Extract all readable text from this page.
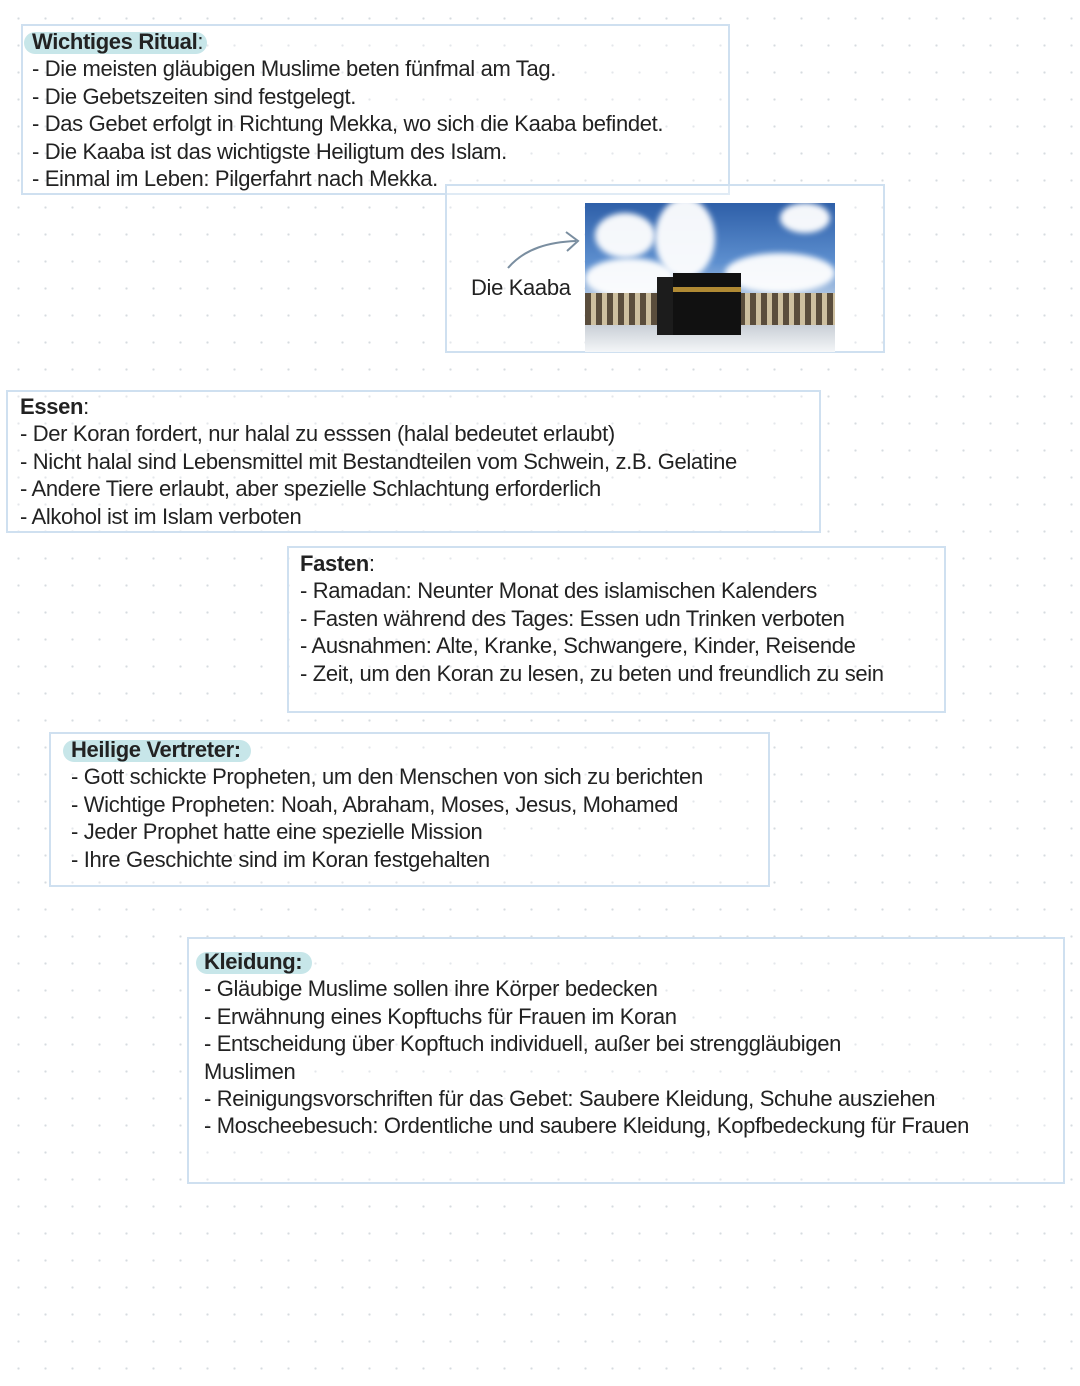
Wichtiges Ritual:
- Die meisten gläubigen Muslime beten fünfmal am Tag.
- Die Gebetszeiten sind festgelegt.
- Das Gebet erfolgt in Richtung Mekka, wo sich die Kaaba befindet.
- Die Kaaba ist das wichtigste Heiligtum des Islam.
- Einmal im Leben: Pilgerfahrt nach Mekka.
Die Kaaba
Essen:
- Der Koran fordert, nur halal zu esssen (halal bedeutet erlaubt)
- Nicht halal sind Lebensmittel mit Bestandteilen vom Schwein, z.B. Gelatine
- Andere Tiere erlaubt, aber spezielle Schlachtung erforderlich
- Alkohol ist im Islam verboten
Fasten:
- Ramadan: Neunter Monat des islamischen Kalenders
- Fasten während des Tages: Essen udn Trinken verboten
- Ausnahmen: Alte, Kranke, Schwangere, Kinder, Reisende
- Zeit, um den Koran zu lesen, zu beten und freundlich zu sein
Heilige Vertreter:
- Gott schickte Propheten, um den Menschen von sich zu berichten
- Wichtige Propheten: Noah, Abraham, Moses, Jesus, Mohamed
- Jeder Prophet hatte eine spezielle Mission
- Ihre Geschichte sind im Koran festgehalten
Kleidung:
- Gläubige Muslime sollen ihre Körper bedecken
- Erwähnung eines Kopftuchs für Frauen im Koran
- Entscheidung über Kopftuch individuell, außer bei strenggläubigen
Muslimen
- Reinigungsvorschriften für das Gebet: Saubere Kleidung, Schuhe ausziehen
- Moscheebesuch: Ordentliche und saubere Kleidung, Kopfbedeckung für Frauen
